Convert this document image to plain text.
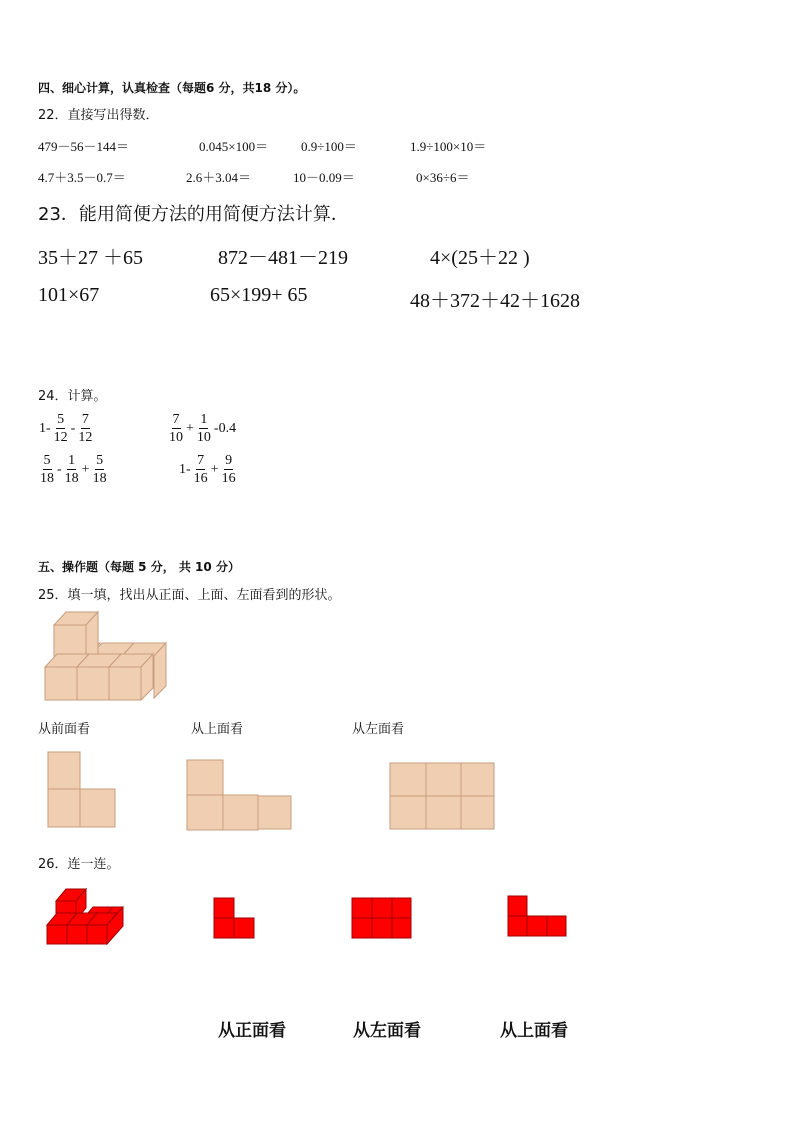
四、细心计算，认真检查（每题6 分，共18 分）。
22．直接写出得数．
479－56－144＝	0.045×100＝	0.9÷100＝	1.9÷100×10＝
4.7＋3.5－0.7＝	2.6＋3.04＝	10－0.09＝	0×36÷6＝
23．能用简便方法的用简便方法计算．
35＋27 ＋65	872－481－219	4×(25＋22 )
101×67	65×199+ 65	48＋372＋42＋1628
24．计算。
$1- \frac{5}{12} - \frac{7}{12}$	$\frac{7}{10} + \frac{1}{10} -0.4$
$\frac{5}{18} - \frac{1}{18} + \frac{5}{18}$	$1- \frac{7}{16} + \frac{9}{16}$
五、操作题（每题 5 分， 共 10 分）
25．填一填，找出从正面、上面、左面看到的形状。
从前面看	从上面看	从左面看
26．连一连。
从正面看	从左面看	从上面看
